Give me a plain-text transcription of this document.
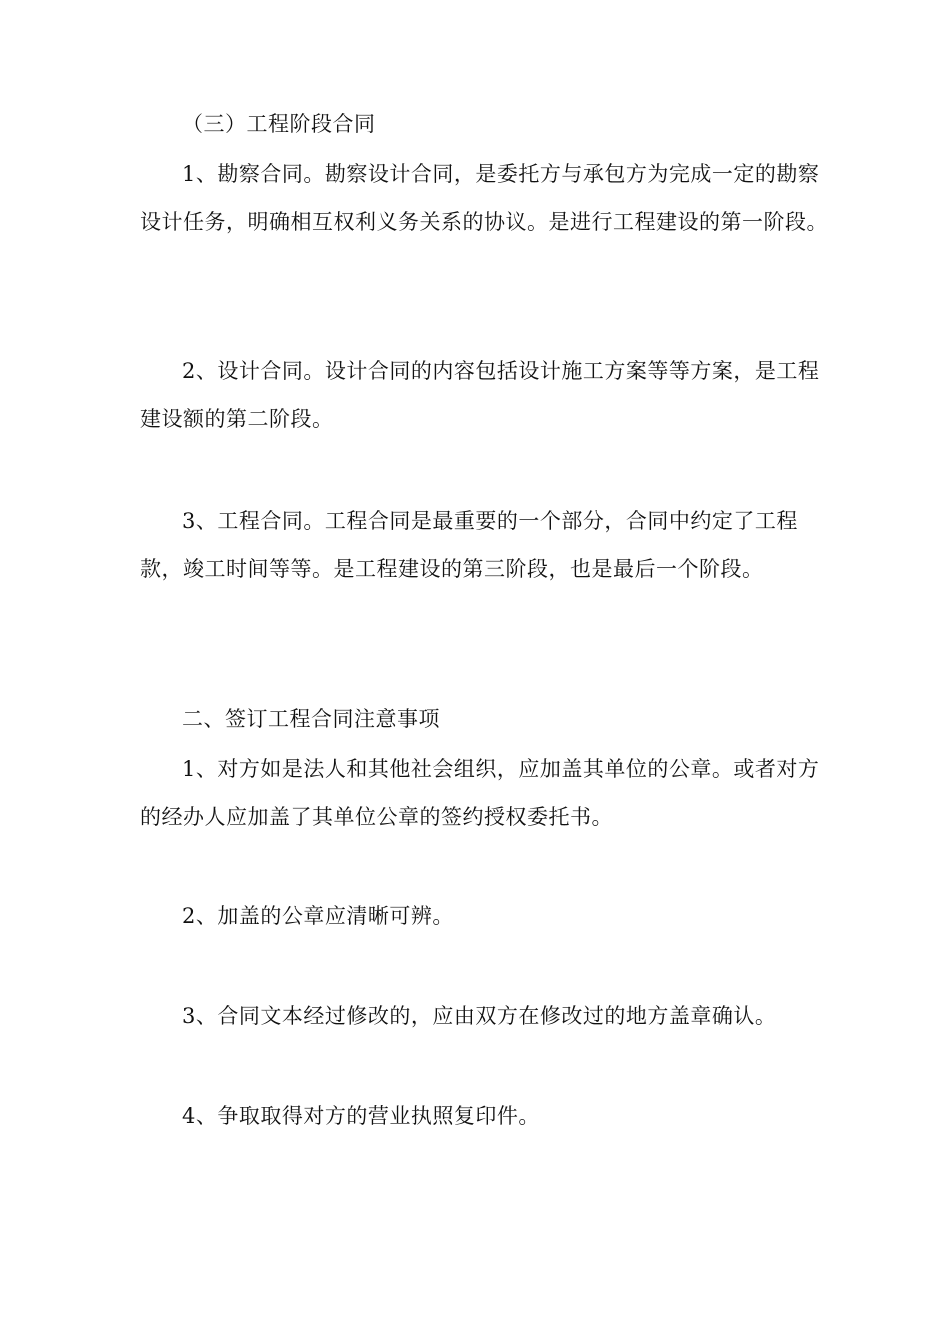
（三）工程阶段合同

1、勘察合同。勘察设计合同，是委托方与承包方为完成一定的勘察设计任务，明确相互权利义务关系的协议。是进行工程建设的第一阶段。

2、设计合同。设计合同的内容包括设计施工方案等等方案，是工程建设额的第二阶段。

3、工程合同。工程合同是最重要的一个部分，合同中约定了工程款，竣工时间等等。是工程建设的第三阶段，也是最后一个阶段。

二、签订工程合同注意事项

1、对方如是法人和其他社会组织，应加盖其单位的公章。或者对方的经办人应加盖了其单位公章的签约授权委托书。

2、加盖的公章应清晰可辨。

3、合同文本经过修改的，应由双方在修改过的地方盖章确认。

4、争取取得对方的营业执照复印件。
